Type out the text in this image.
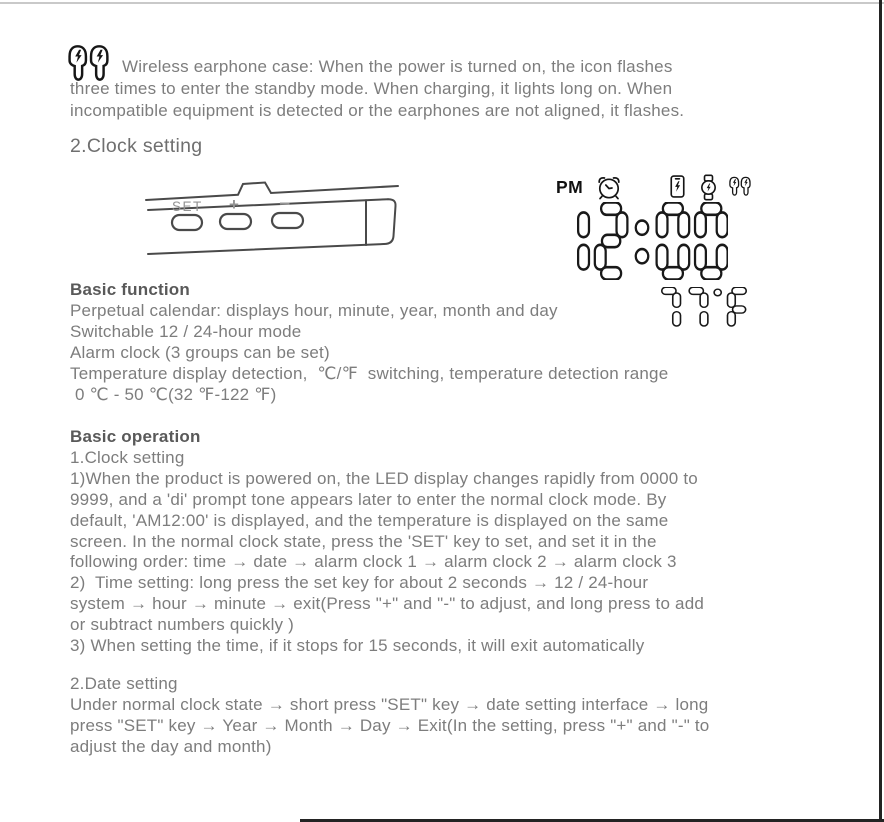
Wireless earphone case: When the power is turned on, the icon flashes
three times to enter the standby mode. When charging, it lights long on. When
incompatible equipment is detected or the earphones are not aligned, it flashes.
2.Clock setting
SET + −
PM
Basic function
Perpetual calendar: displays hour, minute, year, month and day
Switchable 12 / 24-hour mode
Alarm clock (3 groups can be set)
Temperature display detection,  ℃/℉  switching, temperature detection range
0 ℃ - 50 ℃(32 ℉-122 ℉)
Basic operation
1.Clock setting
1)When the product is powered on, the LED display changes rapidly from 0000 to
9999, and a 'di' prompt tone appears later to enter the normal clock mode. By
default, 'AM12:00' is displayed, and the temperature is displayed on the same
screen. In the normal clock state, press the 'SET' key to set, and set it in the
following order: time → date → alarm clock 1 → alarm clock 2 → alarm clock 3
2)  Time setting: long press the set key for about 2 seconds → 12 / 24-hour
system → hour → minute → exit(Press "+" and "-" to adjust, and long press to add
or subtract numbers quickly )
3) When setting the time, if it stops for 15 seconds, it will exit automatically
2.Date setting
Under normal clock state → short press "SET" key → date setting interface → long
press "SET" key → Year → Month → Day → Exit(In the setting, press "+" and "-" to
adjust the day and month)
